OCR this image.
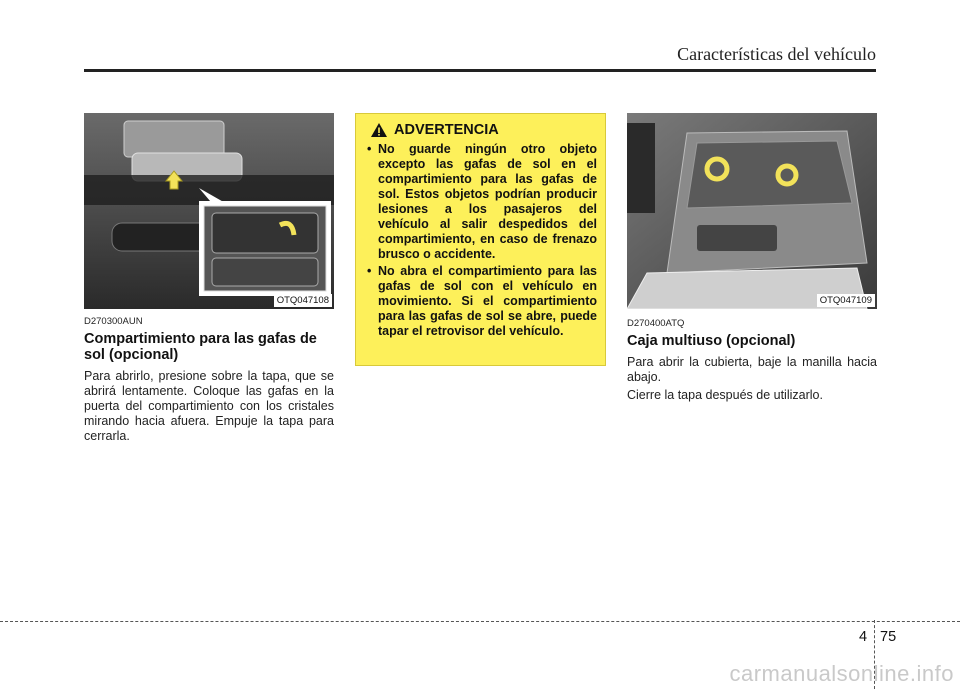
Características del vehículo
OTQ047108
D270300AUN
Compartimiento para las gafas de sol (opcional)
Para abrirlo, presione sobre la tapa, que se abrirá lentamente. Coloque las gafas en la puerta del compartimiento con los cristales mirando hacia afuera. Empuje la tapa para cerrarla.
ADVERTENCIA
• No guarde ningún otro objeto excepto las gafas de sol en el compartimiento para las gafas de sol. Estos objetos podrían producir lesiones a los pasajeros del vehículo al salir despedidos del compartimiento, en caso de frenazo brusco o accidente.
• No abra el compartimiento para las gafas de sol con el vehículo en movimiento. Si el compartimiento para las gafas de sol se abre, puede tapar el retrovisor del vehículo.
OTQ047109
D270400ATQ
Caja multiuso (opcional)
Para abrir la cubierta, baje la manilla hacia abajo.
Cierre la tapa después de utilizarlo.
4 75
carmanualsonline.info
